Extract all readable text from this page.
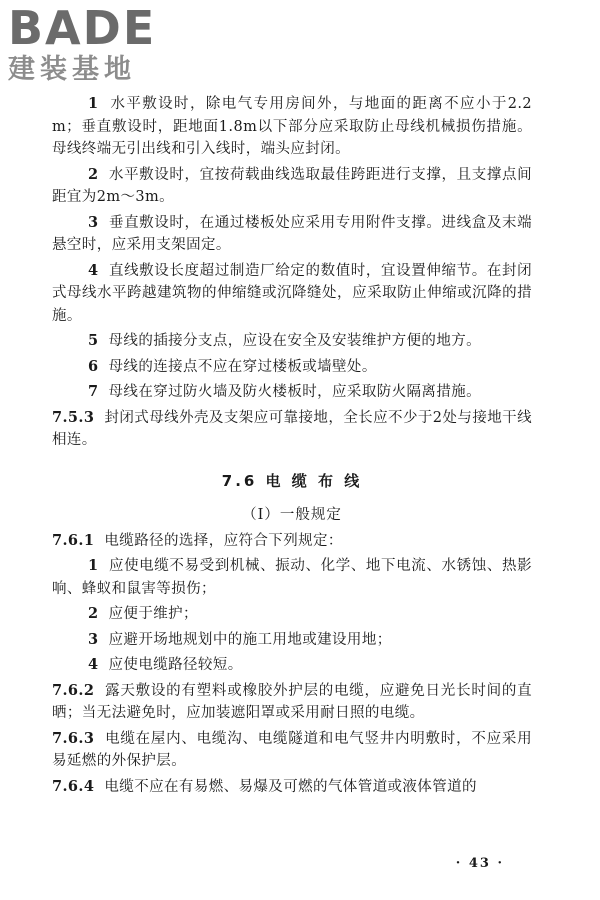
BADE
建装基地

1 水平敷设时，除电气专用房间外，与地面的距离不应小于2.2m；垂直敷设时，距地面1.8m以下部分应采取防止母线机械损伤措施。母线终端无引出线和引入线时，端头应封闭。

2 水平敷设时，宜按荷载曲线选取最佳跨距进行支撑，且支撑点间距宜为2m～3m。

3 垂直敷设时，在通过楼板处应采用专用附件支撑。进线盒及末端悬空时，应采用支架固定。

4 直线敷设长度超过制造厂给定的数值时，宜设置伸缩节。在封闭式母线水平跨越建筑物的伸缩缝或沉降缝处，应采取防止伸缩或沉降的措施。

5 母线的插接分支点，应设在安全及安装维护方便的地方。

6 母线的连接点不应在穿过楼板或墙壁处。

7 母线在穿过防火墙及防火楼板时，应采取防火隔离措施。

7.5.3 封闭式母线外壳及支架应可靠接地，全长应不少于2处与接地干线相连。

7.6 电 缆 布 线
（Ⅰ）一般规定

7.6.1 电缆路径的选择，应符合下列规定：

1 应使电缆不易受到机械、振动、化学、地下电流、水锈蚀、热影响、蜂蚁和鼠害等损伤；

2 应便于维护；

3 应避开场地规划中的施工用地或建设用地；

4 应使电缆路径较短。

7.6.2 露天敷设的有塑料或橡胶外护层的电缆，应避免日光长时间的直晒；当无法避免时，应加装遮阳罩或采用耐日照的电缆。

7.6.3 电缆在屋内、电缆沟、电缆隧道和电气竖井内明敷时，不应采用易延燃的外保护层。

7.6.4 电缆不应在有易燃、易爆及可燃的气体管道或液体管道的

· 43 ·
